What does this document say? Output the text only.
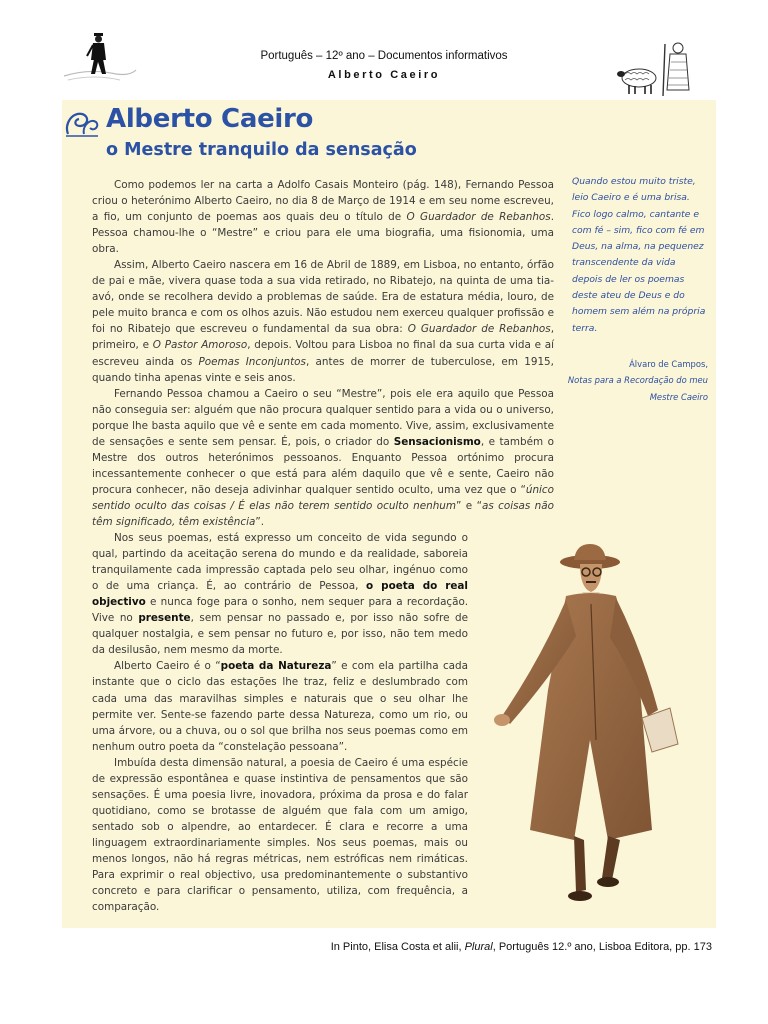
Português – 12º ano – Documentos informativos
Alberto Caeiro
Alberto Caeiro
o Mestre tranquilo da sensação

Como podemos ler na carta a Adolfo Casais Monteiro (pág. 148), Fernando Pessoa criou o heterónimo Alberto Caeiro, no dia 8 de Março de 1914 e em seu nome escreveu, a fio, um conjunto de poemas aos quais deu o título de O Guardador de Rebanhos. Pessoa chamou-lhe o “Mestre” e criou para ele uma biografia, uma fisionomia, uma obra.

Assim, Alberto Caeiro nascera em 16 de Abril de 1889, em Lisboa, no entanto, órfão de pai e mãe, vivera quase toda a sua vida retirado, no Ribatejo, na quinta de uma tia-avó, onde se recolhera devido a problemas de saúde. Era de estatura média, louro, de pele muito branca e com os olhos azuis. Não estudou nem exerceu qualquer profissão e foi no Ribatejo que escreveu o fundamental da sua obra: O Guardador de Rebanhos, primeiro, e O Pastor Amoroso, depois. Voltou para Lisboa no final da sua curta vida e aí escreveu ainda os Poemas Inconjuntos, antes de morrer de tuberculose, em 1915, quando tinha apenas vinte e seis anos.

Fernando Pessoa chamou a Caeiro o seu “Mestre”, pois ele era aquilo que Pessoa não conseguia ser: alguém que não procura qualquer sentido para a vida ou o universo, porque lhe basta aquilo que vê e sente em cada momento. Vive, assim, exclusivamente de sensações e sente sem pensar. É, pois, o criador do Sensacionismo, e também o Mestre dos outros heterónimos pessoanos. Enquanto Pessoa ortónimo procura incessantemente conhecer o que está para além daquilo que vê e sente, Caeiro não procura conhecer, não deseja adivinhar qualquer sentido oculto, uma vez que o “único sentido oculto das coisas / É elas não terem sentido oculto nenhum” e “as coisas não têm significado, têm existência”.

Nos seus poemas, está expresso um conceito de vida segundo o qual, partindo da aceitação serena do mundo e da realidade, saboreia tranquilamente cada impressão captada pelo seu olhar, ingénuo como o de uma criança. É, ao contrário de Pessoa, o poeta do real objectivo e nunca foge para o sonho, nem sequer para a recordação. Vive no presente, sem pensar no passado e, por isso não sofre de qualquer nostalgia, e sem pensar no futuro e, por isso, não tem medo da desilusão, nem mesmo da morte.

Alberto Caeiro é o “poeta da Natureza” e com ela partilha cada instante que o ciclo das estações lhe traz, feliz e deslumbrado com cada uma das maravilhas simples e naturais que o seu olhar lhe permite ver. Sente-se fazendo parte dessa Natureza, como um rio, ou uma árvore, ou a chuva, ou o sol que brilha nos seus poemas como em nenhum outro poeta da “constelação pessoana”.

Imbuída desta dimensão natural, a poesia de Caeiro é uma espécie de expressão espontânea e quase instintiva de pensamentos que são sensações. É uma poesia livre, inovadora, próxima da prosa e do falar quotidiano, como se brotasse de alguém que fala com um amigo, sentado sob o alpendre, ao entardecer. É clara e recorre a uma linguagem extraordinariamente simples. Nos seus poemas, mais ou menos longos, não há regras métricas, nem estróficas nem rimáticas. Para exprimir o real objectivo, usa predominantemente o substantivo concreto e para clarificar o pensamento, utiliza, com frequência, a comparação.

Quando estou muito triste, leio Caeiro e é uma brisa. Fico logo calmo, cantante e com fé – sim, fico com fé em Deus, na alma, na pequenez transcendente da vida depois de ler os poemas deste ateu de Deus e do homem sem além na própria terra.
Álvaro de Campos,
Notas para a Recordação do meu Mestre Caeiro
In Pinto, Elisa Costa et alii, Plural, Português 12.º ano, Lisboa Editora, pp. 173
